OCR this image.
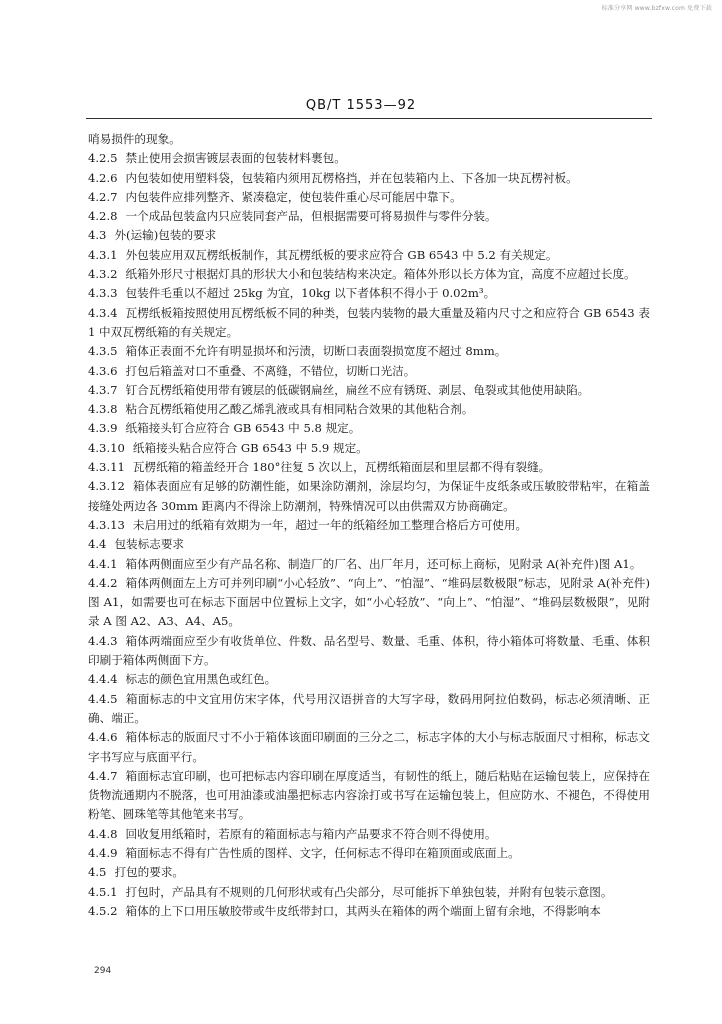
标准分享网 www.bzfxw.com 免费下载
QB/T 1553—92

哨易损件的现象。

4.2.5 禁止使用会损害镀层表面的包装材料裹包。

4.2.6 内包装如使用塑料袋，包装箱内须用瓦楞格挡，并在包装箱内上、下各加一块瓦楞衬板。

4.2.7 内包装件应排列整齐、紧凑稳定，使包装件重心尽可能居中靠下。

4.2.8 一个成品包装盒内只应装同套产品，但根据需要可将易损件与零件分装。

4.3 外(运输)包装的要求

4.3.1 外包装应用双瓦楞纸板制作，其瓦楞纸板的要求应符合 GB 6543 中 5.2 有关规定。

4.3.2 纸箱外形尺寸根据灯具的形状大小和包装结构来决定。箱体外形以长方体为宜，高度不应超过长度。

4.3.3 包装件毛重以不超过 25kg 为宜，10kg 以下者体积不得小于 0.02m³。

4.3.4 瓦楞纸板箱按照使用瓦楞纸板不同的种类，包装内装物的最大重量及箱内尺寸之和应符合 GB 6543 表 1 中双瓦楞纸箱的有关规定。

4.3.5 箱体正表面不允许有明显损坏和污渍，切断口表面裂损宽度不超过 8mm。

4.3.6 打包后箱盖对口不重叠、不离缝，不错位，切断口光洁。

4.3.7 钉合瓦楞纸箱使用带有镀层的低碳钢扁丝，扁丝不应有锈斑、剥层、龟裂或其他使用缺陷。

4.3.8 粘合瓦楞纸箱使用乙酸乙烯乳液或具有相同粘合效果的其他粘合剂。

4.3.9 纸箱接头钉合应符合 GB 6543 中 5.8 规定。

4.3.10 纸箱接头粘合应符合 GB 6543 中 5.9 规定。

4.3.11 瓦楞纸箱的箱盖经开合 180°往复 5 次以上，瓦楞纸箱面层和里层都不得有裂缝。

4.3.12 箱体表面应有足够的防潮性能，如果涂防潮剂，涂层均匀，为保证牛皮纸条或压敏胶带粘牢，在箱盖接缝处两边各 30mm 距离内不得涂上防潮剂，特殊情况可以由供需双方协商确定。

4.3.13 未启用过的纸箱有效期为一年，超过一年的纸箱经加工整理合格后方可使用。

4.4 包装标志要求

4.4.1 箱体两侧面应至少有产品名称、制造厂的厂名、出厂年月，还可标上商标，见附录 A(补充件)图 A1。

4.4.2 箱体两侧面左上方可并列印刷“小心轻放”、“向上”、“怕湿”、“堆码层数极限”标志，见附录 A(补充件)图 A1，如需要也可在标志下面居中位置标上文字，如“小心轻放”、“向上”、“怕湿”、“堆码层数极限”，见附录 A 图 A2、A3、A4、A5。

4.4.3 箱体两端面应至少有收货单位、件数、品名型号、数量、毛重、体积，待小箱体可将数量、毛重、体积印刷于箱体两侧面下方。

4.4.4 标志的颜色宜用黑色或红色。

4.4.5 箱面标志的中文宜用仿宋字体，代号用汉语拼音的大写字母，数码用阿拉伯数码，标志必须清晰、正确、端正。

4.4.6 箱体标志的版面尺寸不小于箱体该面印刷面的三分之二，标志字体的大小与标志版面尺寸相称，标志文字书写应与底面平行。

4.4.7 箱面标志宜印刷，也可把标志内容印刷在厚度适当，有韧性的纸上，随后粘贴在运输包装上，应保持在货物流通期内不脱落，也可用油漆或油墨把标志内容涂打或书写在运输包装上，但应防水、不褪色，不得使用粉笔、圆珠笔等其他笔来书写。

4.4.8 回收复用纸箱时，若原有的箱面标志与箱内产品要求不符合则不得使用。

4.4.9 箱面标志不得有广告性质的图样、文字，任何标志不得印在箱顶面或底面上。

4.5 打包的要求。

4.5.1 打包时，产品具有不规则的几何形状或有凸尖部分，尽可能拆下单独包装，并附有包装示意图。

4.5.2 箱体的上下口用压敏胶带或牛皮纸带封口，其两头在箱体的两个端面上留有余地，不得影响本

294
